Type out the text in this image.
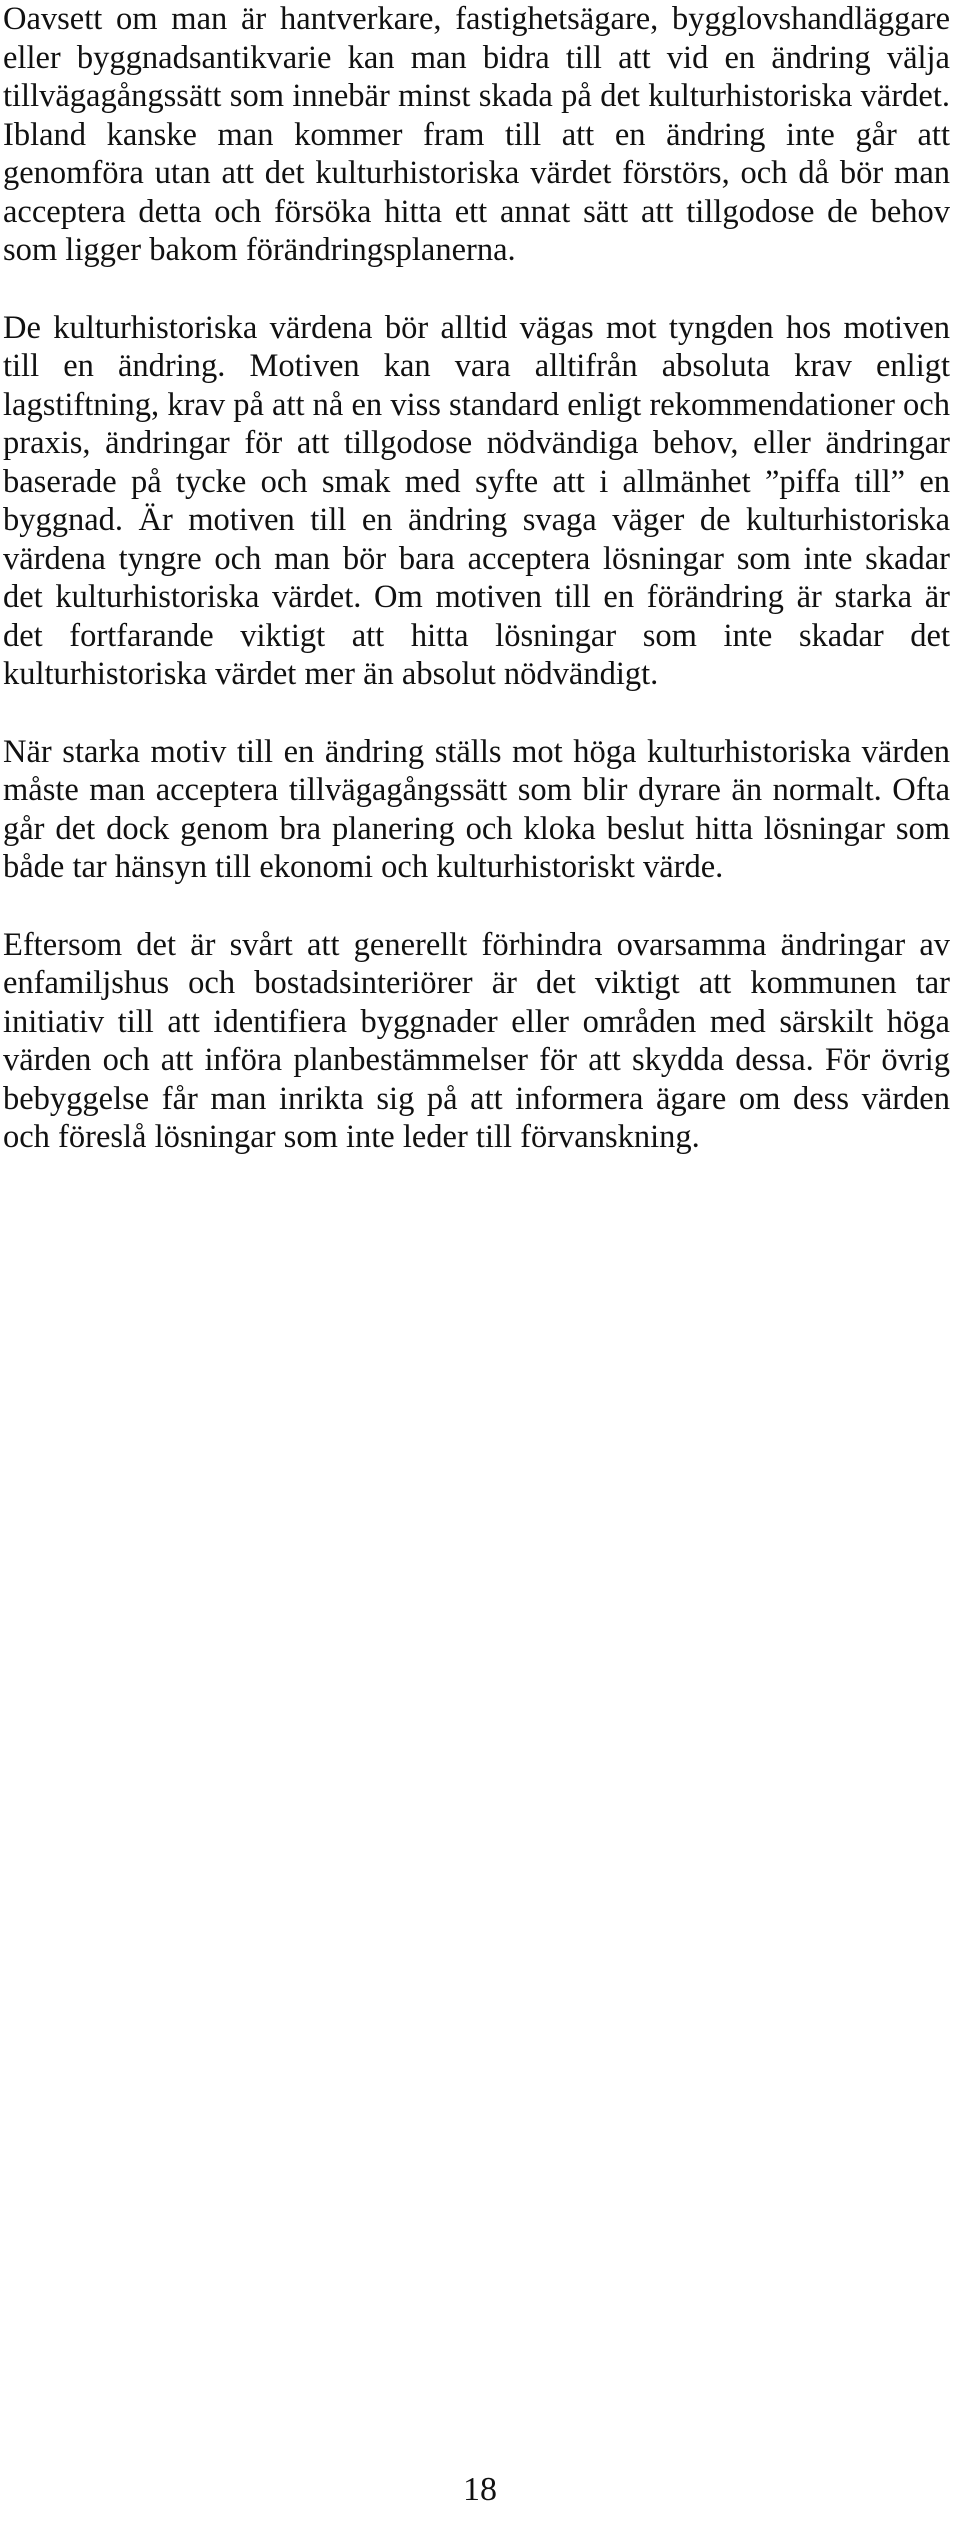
Oavsett om man är hantverkare, fastighetsägare, bygglovshandläggare eller byggnadsantikvarie kan man bidra till att vid en ändring välja tillvägagångssätt som innebär minst skada på det kulturhistoriska värdet. Ibland kanske man kommer fram till att en ändring inte går att genomföra utan att det kulturhistoriska värdet förstörs, och då bör man acceptera detta och försöka hitta ett annat sätt att tillgodose de behov som ligger bakom förändringsplanerna.

De kulturhistoriska värdena bör alltid vägas mot tyngden hos motiven till en ändring. Motiven kan vara alltifrån absoluta krav enligt lagstiftning, krav på att nå en viss standard enligt rekommendationer och praxis, ändringar för att tillgodose nödvändiga behov, eller ändringar baserade på tycke och smak med syfte att i allmänhet ”piffa till” en byggnad. Är motiven till en ändring svaga väger de kulturhistoriska värdena tyngre och man bör bara acceptera lösningar som inte skadar det kulturhistoriska värdet. Om motiven till en förändring är starka är det fortfarande viktigt att hitta lösningar som inte skadar det kulturhistoriska värdet mer än absolut nödvändigt.

När starka motiv till en ändring ställs mot höga kulturhistoriska värden måste man acceptera tillvägagångssätt som blir dyrare än normalt. Ofta går det dock genom bra planering och kloka beslut hitta lösningar som både tar hänsyn till ekonomi och kulturhistoriskt värde.

Eftersom det är svårt att generellt förhindra ovarsamma ändringar av enfamiljshus och bostadsinteriörer är det viktigt att kommunen tar initiativ till att identifiera byggnader eller områden med särskilt höga värden och att införa planbestämmelser för att skydda dessa. För övrig bebyggelse får man inrikta sig på att informera ägare om dess värden och föreslå lösningar som inte leder till förvanskning.

18
